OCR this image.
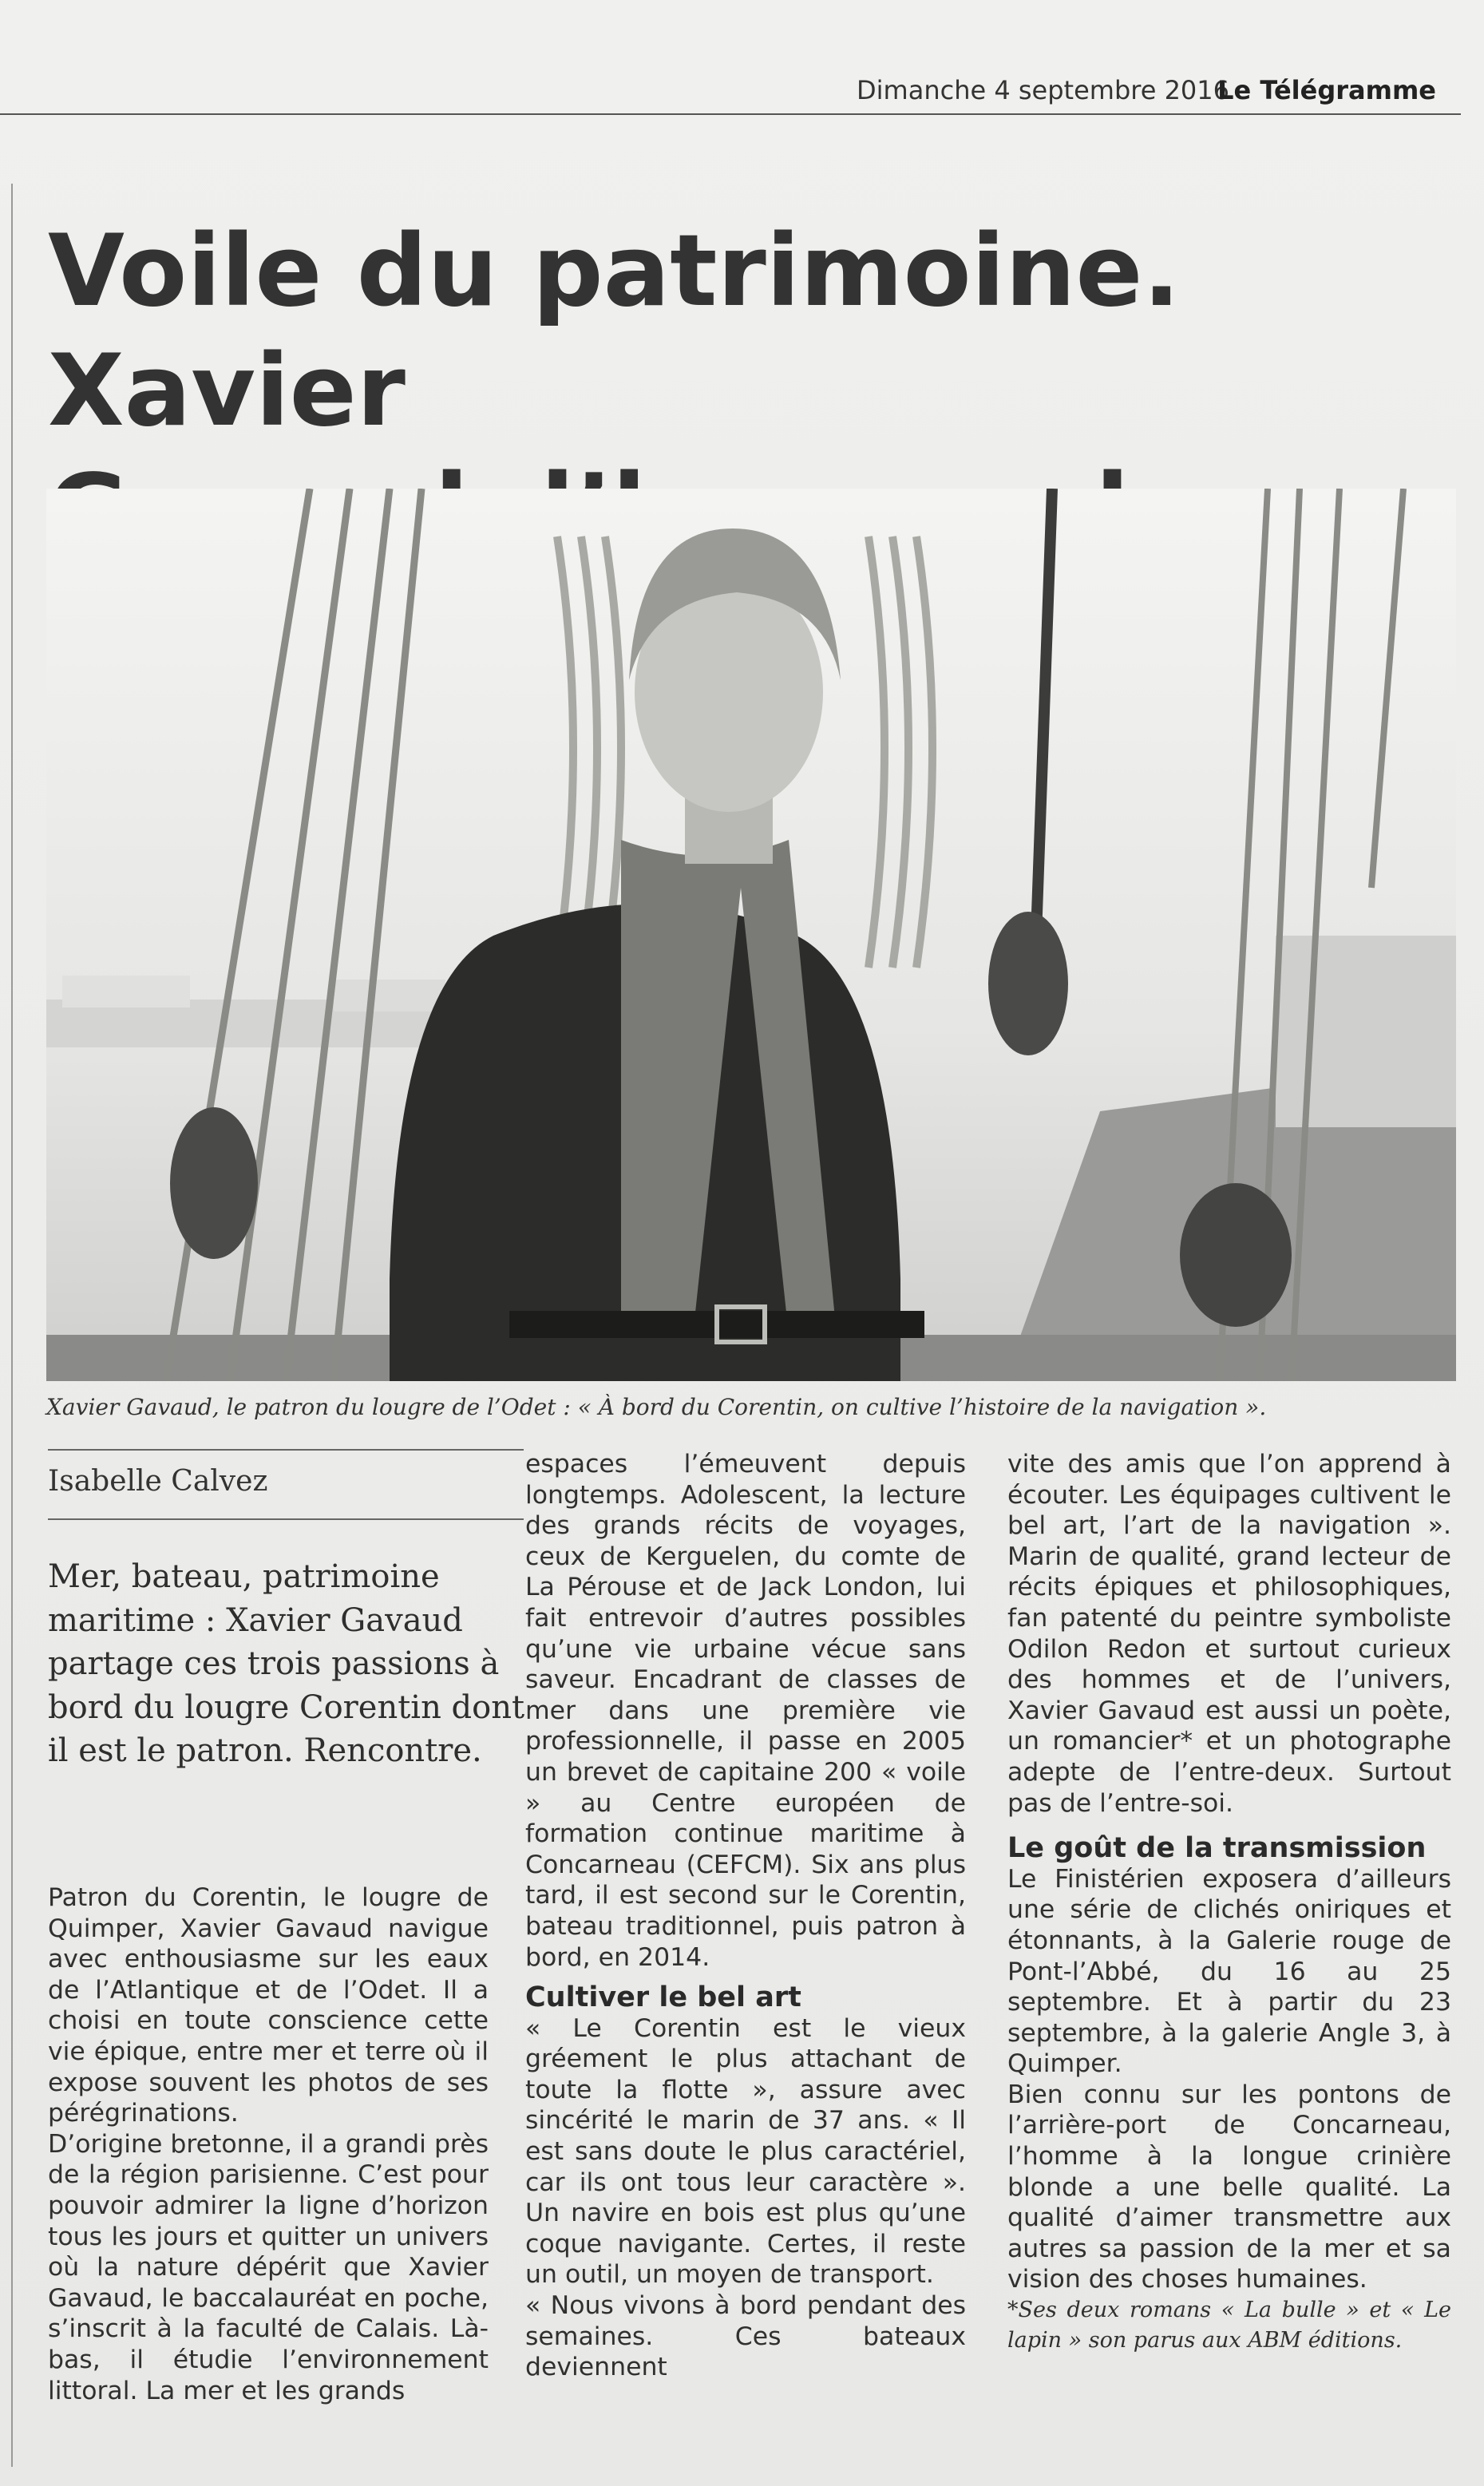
Dimanche 4 septembre 2016
Le Télégramme
Voile du patrimoine. Xavier

Xavier Gavaud, le patron du lougre de l’Odet : « À bord du Corentin, on cultive l’histoire de la navigation ».
Isabelle Calvez
Mer, bateau, patrimoine maritime : Xavier Gavaud partage ces trois passions à bord du lougre Corentin dont il est le patron. Rencontre.

Patron du Corentin, le lougre de Quimper, Xavier Gavaud navigue avec enthousiasme sur les eaux de l’Atlantique et de l’Odet. Il a choisi en toute conscience cette vie épique, entre mer et terre où il expose souvent les photos de ses pérégrinations.

D’origine bretonne, il a grandi près de la région parisienne. C’est pour pouvoir admirer la ligne d’horizon tous les jours et quitter un univers où la nature dépérit que Xavier Gavaud, le baccalauréat en poche, s’inscrit à la faculté de Calais. Là-bas, il étudie l’environnement littoral. La mer et les grands

espaces l’émeuvent depuis longtemps. Adolescent, la lecture des grands récits de voyages, ceux de Kerguelen, du comte de La Pérouse et de Jack London, lui fait entrevoir d’autres possibles qu’une vie urbaine vécue sans saveur. Encadrant de classes de mer dans une première vie professionnelle, il passe en 2005 un brevet de capitaine 200 « voile » au Centre européen de formation continue maritime à Concarneau (CEFCM). Six ans plus tard, il est second sur le Corentin, bateau traditionnel, puis patron à bord, en 2014.

Cultiver le bel art

« Le Corentin est le vieux gréement le plus attachant de toute la flotte », assure avec sincérité le marin de 37 ans. « Il est sans doute le plus caractériel, car ils ont tous leur caractère ». Un navire en bois est plus qu’une coque navigante. Certes, il reste un outil, un moyen de transport.

« Nous vivons à bord pendant des semaines. Ces bateaux deviennent

vite des amis que l’on apprend à écouter. Les équipages cultivent le bel art, l’art de la navigation ». Marin de qualité, grand lecteur de récits épiques et philosophiques, fan patenté du peintre symboliste Odilon Redon et surtout curieux des hommes et de l’univers, Xavier Gavaud est aussi un poète, un romancier* et un photographe adepte de l’entre-deux. Surtout pas de l’entre-soi.

Le goût de la transmission

Le Finistérien exposera d’ailleurs une série de clichés oniriques et étonnants, à la Galerie rouge de Pont-l’Abbé, du 16 au 25 septembre. Et à partir du 23 septembre, à la galerie Angle 3, à Quimper.

Bien connu sur les pontons de l’arrière-port de Concarneau, l’homme à la longue crinière blonde a une belle qualité. La qualité d’aimer transmettre aux autres sa passion de la mer et sa vision des choses humaines.

*Ses deux romans « La bulle » et « Le lapin » son parus aux ABM éditions.
